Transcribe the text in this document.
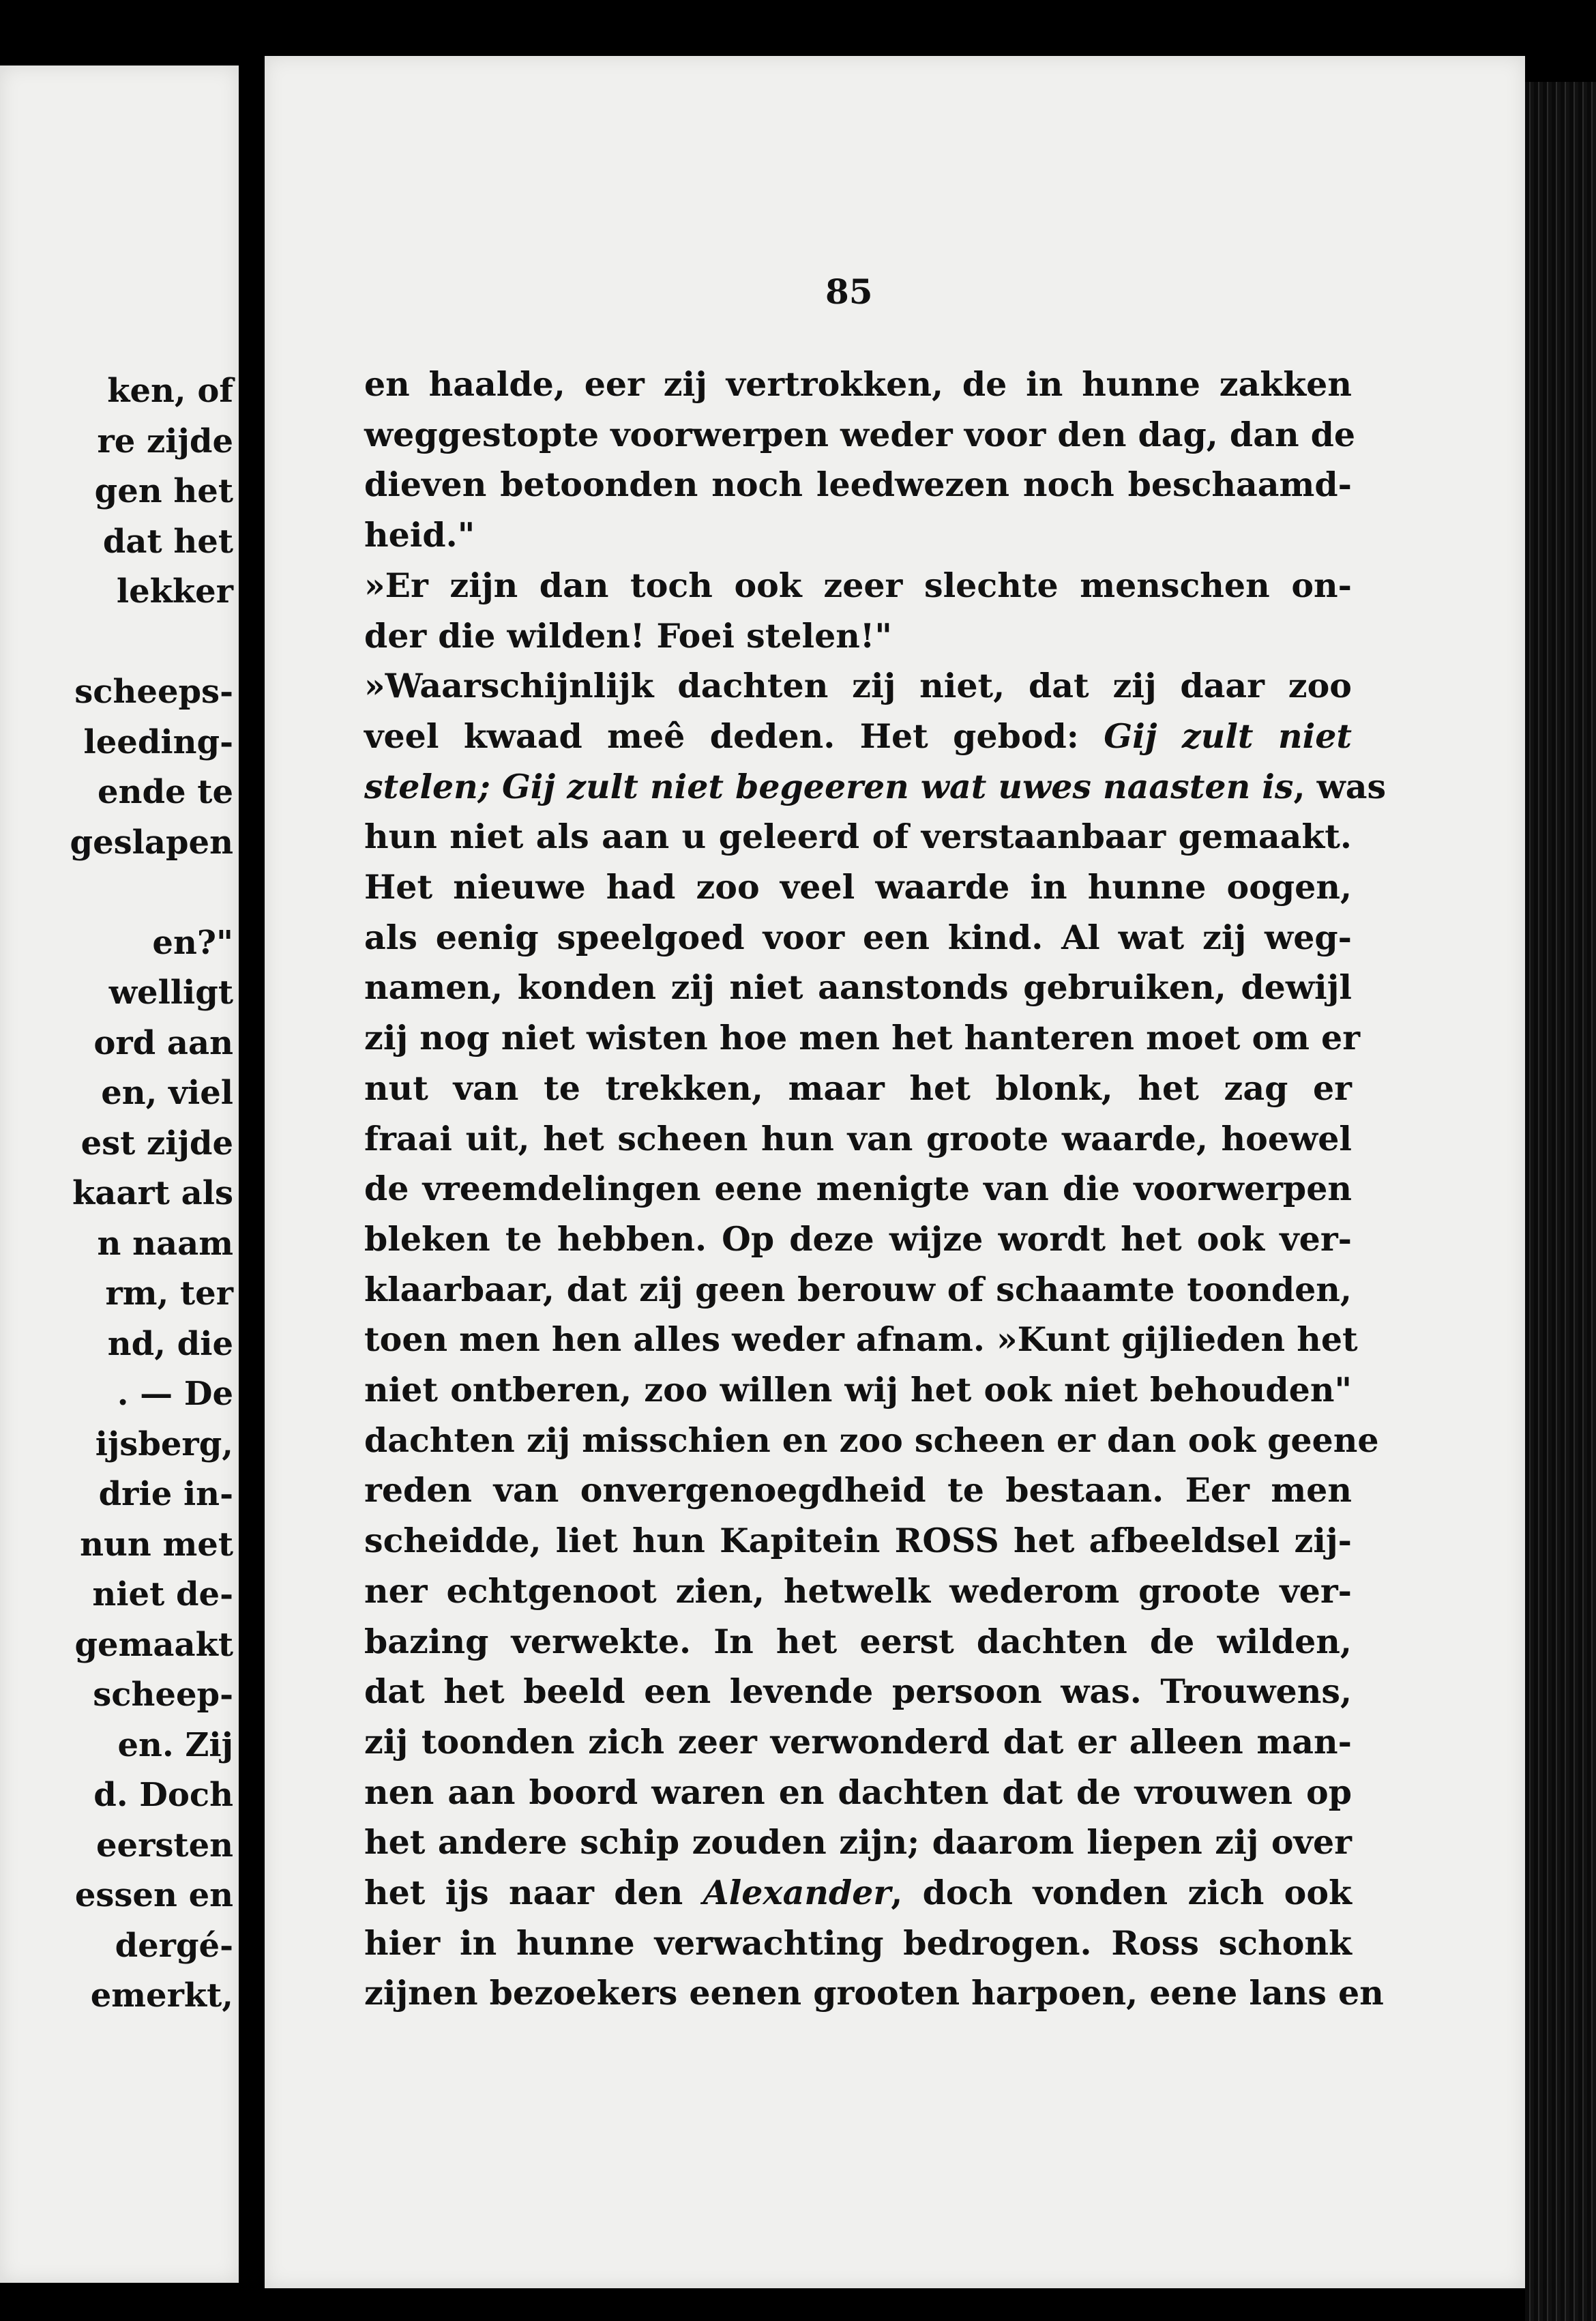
ken, of
re zijde
gen het
dat het
lekker
scheeps-
leeding-
ende te
geslapen
en?"
welligt
ord aan
en, viel
est zijde
kaart als
n naam
rm, ter
nd, die
. — De
ijsberg,
drie in-
nun met
niet de-
gemaakt
scheep-
en. Zij
d. Doch
eersten
essen en
dergé-
emerkt,
85
en haalde, eer zij vertrokken, de in hunne zakken
weggestopte voorwerpen weder voor den dag, dan de
dieven betoonden noch leedwezen noch beschaamd-
heid."
»Er zijn dan toch ook zeer slechte menschen on-
der die wilden! Foei stelen!"
»Waarschijnlijk dachten zij niet, dat zij daar zoo
veel kwaad meê deden. Het gebod: Gij zult niet
stelen; Gij zult niet begeeren wat uwes naasten is, was
hun niet als aan u geleerd of verstaanbaar gemaakt.
Het nieuwe had zoo veel waarde in hunne oogen,
als eenig speelgoed voor een kind. Al wat zij weg-
namen, konden zij niet aanstonds gebruiken, dewijl
zij nog niet wisten hoe men het hanteren moet om er
nut van te trekken, maar het blonk, het zag er
fraai uit, het scheen hun van groote waarde, hoewel
de vreemdelingen eene menigte van die voorwerpen
bleken te hebben. Op deze wijze wordt het ook ver-
klaarbaar, dat zij geen berouw of schaamte toonden,
toen men hen alles weder afnam. »Kunt gijlieden het
niet ontberen, zoo willen wij het ook niet behouden"
dachten zij misschien en zoo scheen er dan ook geene
reden van onvergenoegdheid te bestaan. Eer men
scheidde, liet hun Kapitein ROSS het afbeeldsel zij-
ner echtgenoot zien, hetwelk wederom groote ver-
bazing verwekte. In het eerst dachten de wilden,
dat het beeld een levende persoon was. Trouwens,
zij toonden zich zeer verwonderd dat er alleen man-
nen aan boord waren en dachten dat de vrouwen op
het andere schip zouden zijn; daarom liepen zij over
het ijs naar den Alexander, doch vonden zich ook
hier in hunne verwachting bedrogen. Ross schonk
zijnen bezoekers eenen grooten harpoen, eene lans en
